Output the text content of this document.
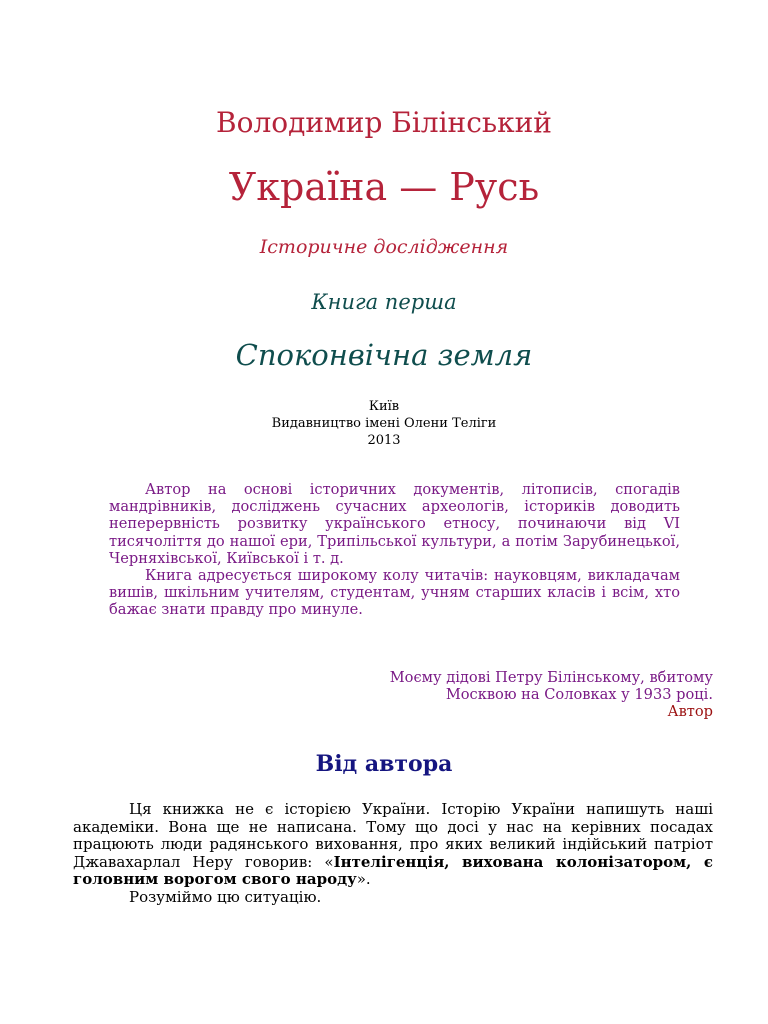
Володимир Білінський
Україна — Русь
Історичне дослідження
Книга перша
Споконвічна земля
Київ
Видавництво імені Олени Теліги
2013

Автор на основі історичних документів, літописів, спогадів мандрівників, досліджень сучасних археологів, істориків доводить неперервність розвитку українського етносу, починаючи від VI тисячоліття до нашої ери, Трипільської культури, а потім Зарубинецької, Черняхівської, Київської і т. д.

Книга адресується широкому колу читачів: науковцям, викладачам вишів, шкільним учителям, студентам, учням старших класів і всім, хто бажає знати правду про минуле.

Моєму дідові Петру Білінському, вбитому
Москвою на Соловках у 1933 році.
Автор
Від автора

Ця книжка не є історією України. Історію України напишуть наші академіки. Вона ще не написана. Тому що досі у нас на керівних посадах працюють люди радянського виховання, про яких великий індійський патріот Джавахарлал Неру говорив: «Інтелігенція, вихована колонізатором, є головним ворогом свого народу».

Розуміймо цю ситуацію.
